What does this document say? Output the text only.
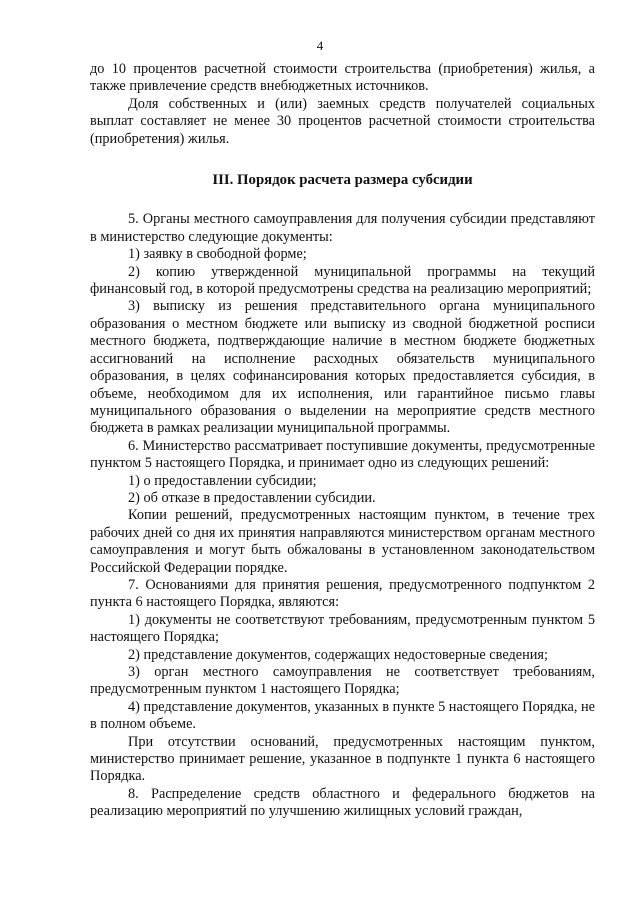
4

до 10 процентов расчетной стоимости строительства (приобретения) жилья, а также привлечение средств внебюджетных источников.

Доля собственных и (или) заемных средств получателей социальных выплат составляет не менее 30 процентов расчетной стоимости строительства (приобретения) жилья.

III. Порядок расчета размера субсидии

5. Органы местного самоуправления для получения субсидии представляют в министерство следующие документы:

1) заявку в свободной форме;

2) копию утвержденной муниципальной программы на текущий финансовый год, в которой предусмотрены средства на реализацию мероприятий;

3) выписку из решения представительного органа муниципального образования о местном бюджете или выписку из сводной бюджетной росписи местного бюджета, подтверждающие наличие в местном бюджете бюджетных ассигнований на исполнение расходных обязательств муниципального образования, в целях софинансирования которых предоставляется субсидия, в объеме, необходимом для их исполнения, или гарантийное письмо главы муниципального образования о выделении на мероприятие средств местного бюджета в рамках реализации муниципальной программы.

6. Министерство рассматривает поступившие документы, предусмотренные пунктом 5 настоящего Порядка, и принимает одно из следующих решений:

1) о предоставлении субсидии;

2) об отказе в предоставлении субсидии.

Копии решений, предусмотренных настоящим пунктом, в течение трех рабочих дней со дня их принятия направляются министерством органам местного самоуправления и могут быть обжалованы в установленном законодательством Российской Федерации порядке.

7. Основаниями для принятия решения, предусмотренного подпунктом 2 пункта 6 настоящего Порядка, являются:

1) документы не соответствуют требованиям, предусмотренным пунктом 5 настоящего Порядка;

2) представление документов, содержащих недостоверные сведения;

3) орган местного самоуправления не соответствует требованиям, предусмотренным пунктом 1 настоящего Порядка;

4) представление документов, указанных в пункте 5 настоящего Порядка, не в полном объеме.

При отсутствии оснований, предусмотренных настоящим пунктом, министерство принимает решение, указанное в подпункте 1 пункта 6 настоящего Порядка.

8. Распределение средств областного и федерального бюджетов на реализацию мероприятий по улучшению жилищных условий граждан,
